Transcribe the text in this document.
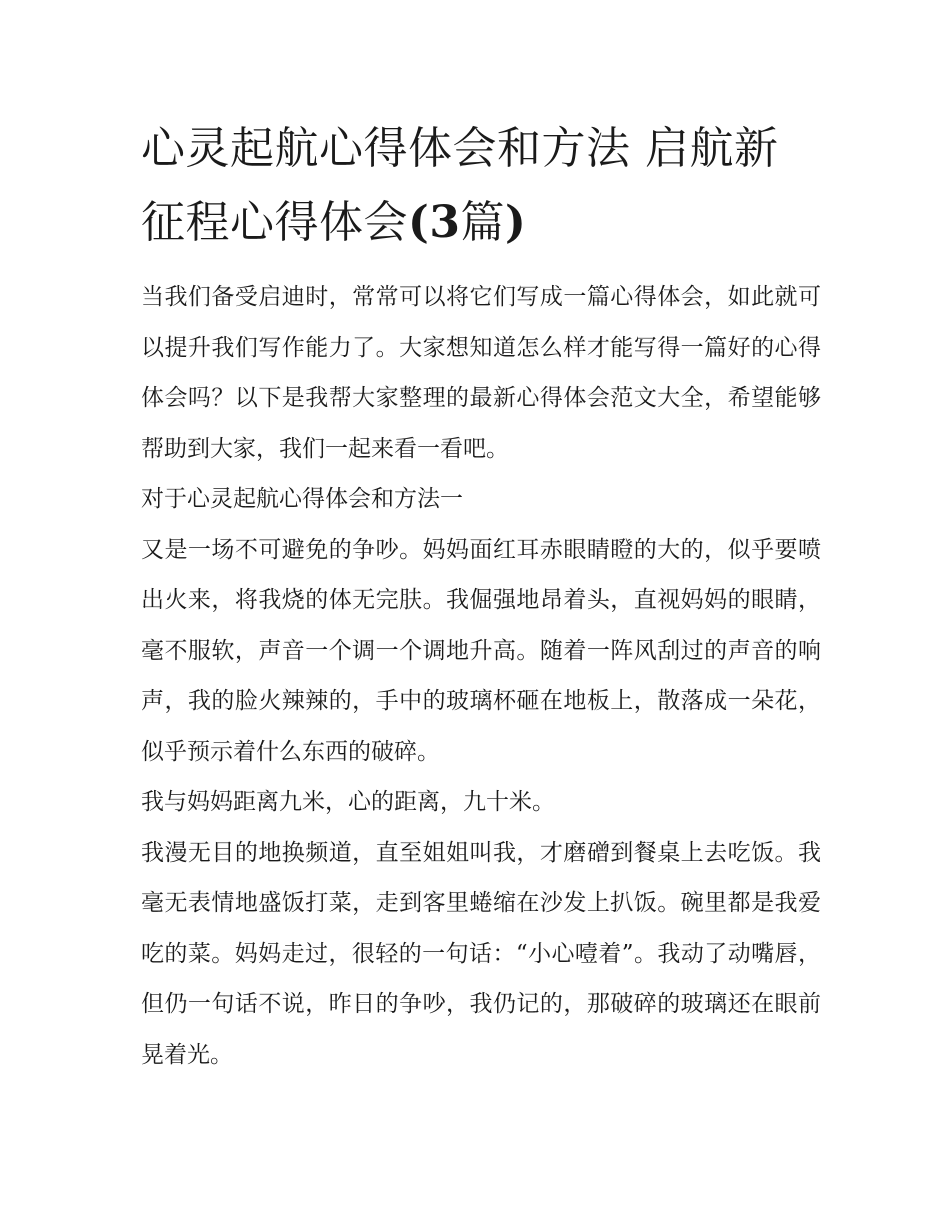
心灵起航心得体会和方法 启航新征程心得体会(3篇)

当我们备受启迪时，常常可以将它们写成一篇心得体会，如此就可以提升我们写作能力了。大家想知道怎么样才能写得一篇好的心得体会吗？以下是我帮大家整理的最新心得体会范文大全，希望能够帮助到大家，我们一起来看一看吧。

对于心灵起航心得体会和方法一

又是一场不可避免的争吵。妈妈面红耳赤眼睛瞪的大的，似乎要喷出火来，将我烧的体无完肤。我倔强地昂着头，直视妈妈的眼睛，毫不服软，声音一个调一个调地升高。随着一阵风刮过的声音的响声，我的脸火辣辣的，手中的玻璃杯砸在地板上，散落成一朵花，似乎预示着什么东西的破碎。

我与妈妈距离九米，心的距离，九十米。

我漫无目的地换频道，直至姐姐叫我，才磨磳到餐桌上去吃饭。我毫无表情地盛饭打菜，走到客里蜷缩在沙发上扒饭。碗里都是我爱吃的菜。妈妈走过，很轻的一句话：“小心噎着”。我动了动嘴唇，但仍一句话不说，昨日的争吵，我仍记的，那破碎的玻璃还在眼前晃着光。
